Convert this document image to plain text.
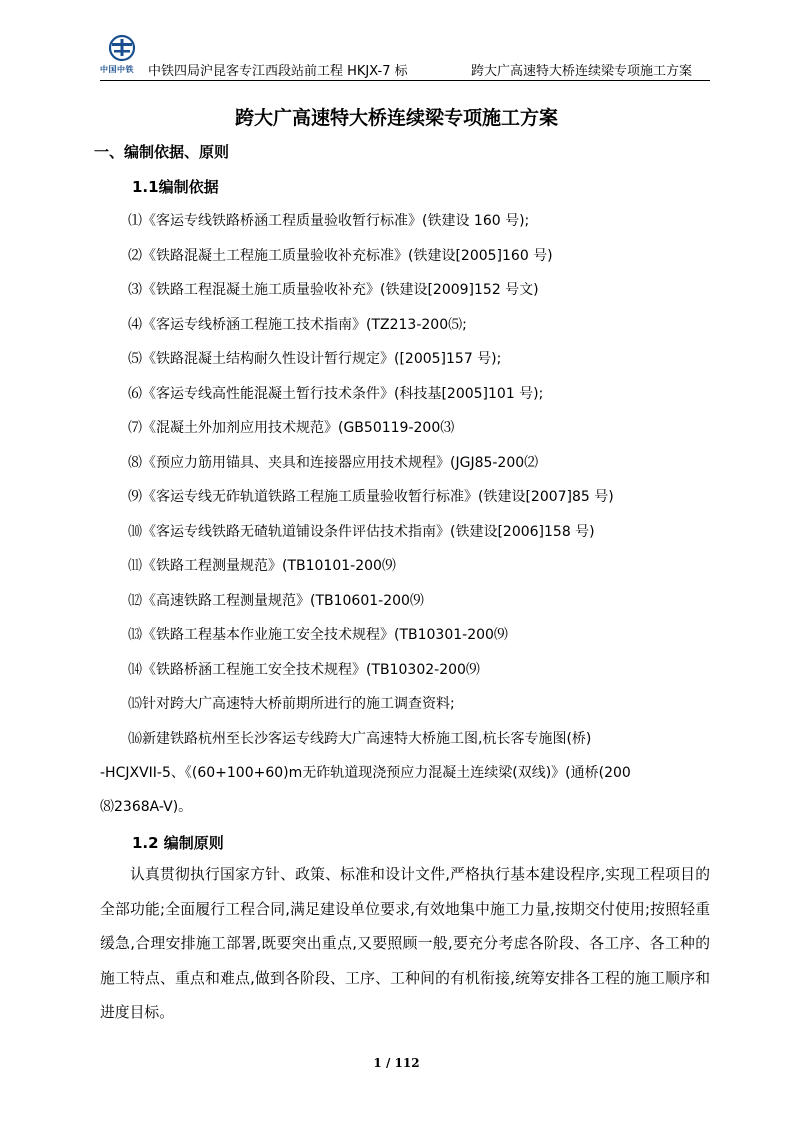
中国中铁 中铁四局沪昆客专江西段站前工程 HKJX-7 标	跨大广高速特大桥连续梁专项施工方案
跨大广高速特大桥连续梁专项施工方案
一、编制依据、原则
1.1编制依据
⑴《客运专线铁路桥涵工程质量验收暂行标准》(铁建设 160 号);
⑵《铁路混凝土工程施工质量验收补充标准》(铁建设[2005]160 号)
⑶《铁路工程混凝土施工质量验收补充》(铁建设[2009]152 号文)
⑷《客运专线桥涵工程施工技术指南》(TZ213-200⑸;
⑸《铁路混凝土结构耐久性设计暂行规定》([2005]157 号);
⑹《客运专线高性能混凝土暂行技术条件》(科技基[2005]101 号);
⑺《混凝土外加剂应用技术规范》(GB50119-200⑶
⑻《预应力筋用锚具、夹具和连接器应用技术规程》(JGJ85-200⑵
⑼《客运专线无砟轨道铁路工程施工质量验收暂行标准》(铁建设[2007]85 号)
⑽《客运专线铁路无碴轨道铺设条件评估技术指南》(铁建设[2006]158 号)
⑾《铁路工程测量规范》(TB10101-200⑼
⑿《高速铁路工程测量规范》(TB10601-200⑼
⒀《铁路工程基本作业施工安全技术规程》(TB10301-200⑼
⒁《铁路桥涵工程施工安全技术规程》(TB10302-200⑼
⒂针对跨大广高速特大桥前期所进行的施工调查资料;
⒃新建铁路杭州至长沙客运专线跨大广高速特大桥施工图,杭长客专施图(桥)
-HCJXVII-5、《(60+100+60)m无砟轨道现浇预应力混凝土连续梁(双线)》(通桥(200
⑻2368A-V)。
1.2 编制原则

认真贯彻执行国家方针、政策、标准和设计文件,严格执行基本建设程序,实现工程项目的全部功能;全面履行工程合同,满足建设单位要求,有效地集中施工力量,按期交付使用;按照轻重缓急,合理安排施工部署,既要突出重点,又要照顾一般,要充分考虑各阶段、各工序、各工种的施工特点、重点和难点,做到各阶段、工序、工种间的有机衔接,统筹安排各工程的施工顺序和进度目标。

1 / 112
